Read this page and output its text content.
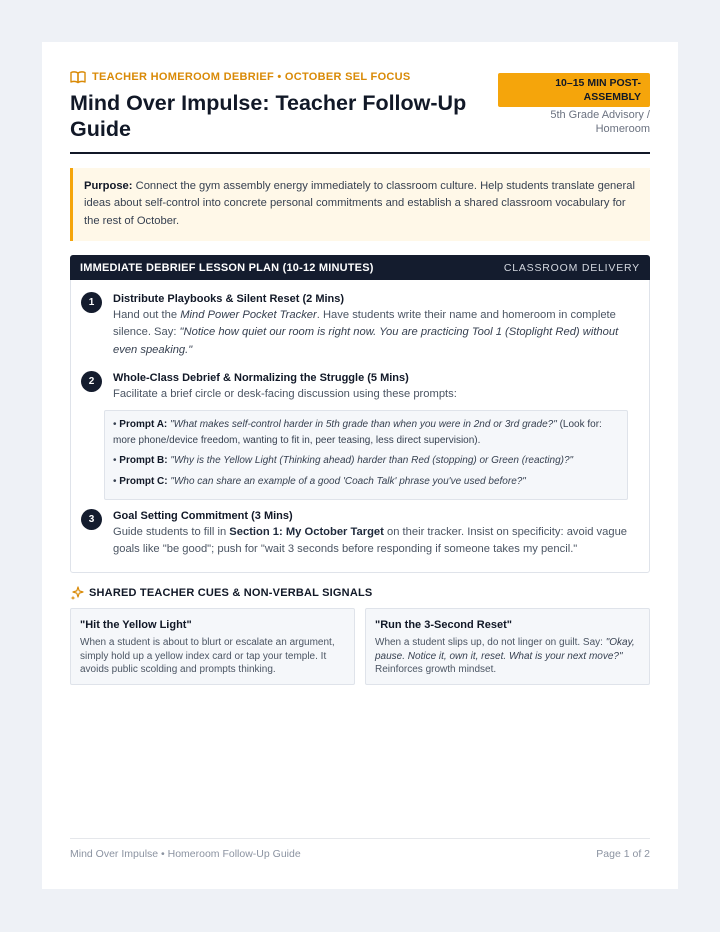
TEACHER HOMEROOM DEBRIEF • OCTOBER SEL FOCUS
Mind Over Impulse: Teacher Follow-Up Guide
10–15 MIN POST-ASSEMBLY
5th Grade Advisory / Homeroom
Purpose: Connect the gym assembly energy immediately to classroom culture. Help students translate general ideas about self-control into concrete personal commitments and establish a shared classroom vocabulary for the rest of October.
IMMEDIATE DEBRIEF LESSON PLAN (10-12 MINUTES)	CLASSROOM DELIVERY
1	Distribute Playbooks & Silent Reset (2 Mins)
Hand out the Mind Power Pocket Tracker. Have students write their name and homeroom in complete silence. Say: "Notice how quiet our room is right now. You are practicing Tool 1 (Stoplight Red) without even speaking."
2	Whole-Class Debrief & Normalizing the Struggle (5 Mins)
Facilitate a brief circle or desk-facing discussion using these prompts:
• Prompt A: "What makes self-control harder in 5th grade than when you were in 2nd or 3rd grade?" (Look for: more phone/device freedom, wanting to fit in, peer teasing, less direct supervision).
• Prompt B: "Why is the Yellow Light (Thinking ahead) harder than Red (stopping) or Green (reacting)?"
• Prompt C: "Who can share an example of a good 'Coach Talk' phrase you've used before?"
3	Goal Setting Commitment (3 Mins)
Guide students to fill in Section 1: My October Target on their tracker. Insist on specificity: avoid vague goals like "be good"; push for "wait 3 seconds before responding if someone takes my pencil."
SHARED TEACHER CUES & NON-VERBAL SIGNALS
"Hit the Yellow Light"
When a student is about to blurt or escalate an argument, simply hold up a yellow index card or tap your temple. It avoids public scolding and prompts thinking.
"Run the 3-Second Reset"
When a student slips up, do not linger on guilt. Say: "Okay, pause. Notice it, own it, reset. What is your next move?" Reinforces growth mindset.
Mind Over Impulse • Homeroom Follow-Up Guide	Page 1 of 2
